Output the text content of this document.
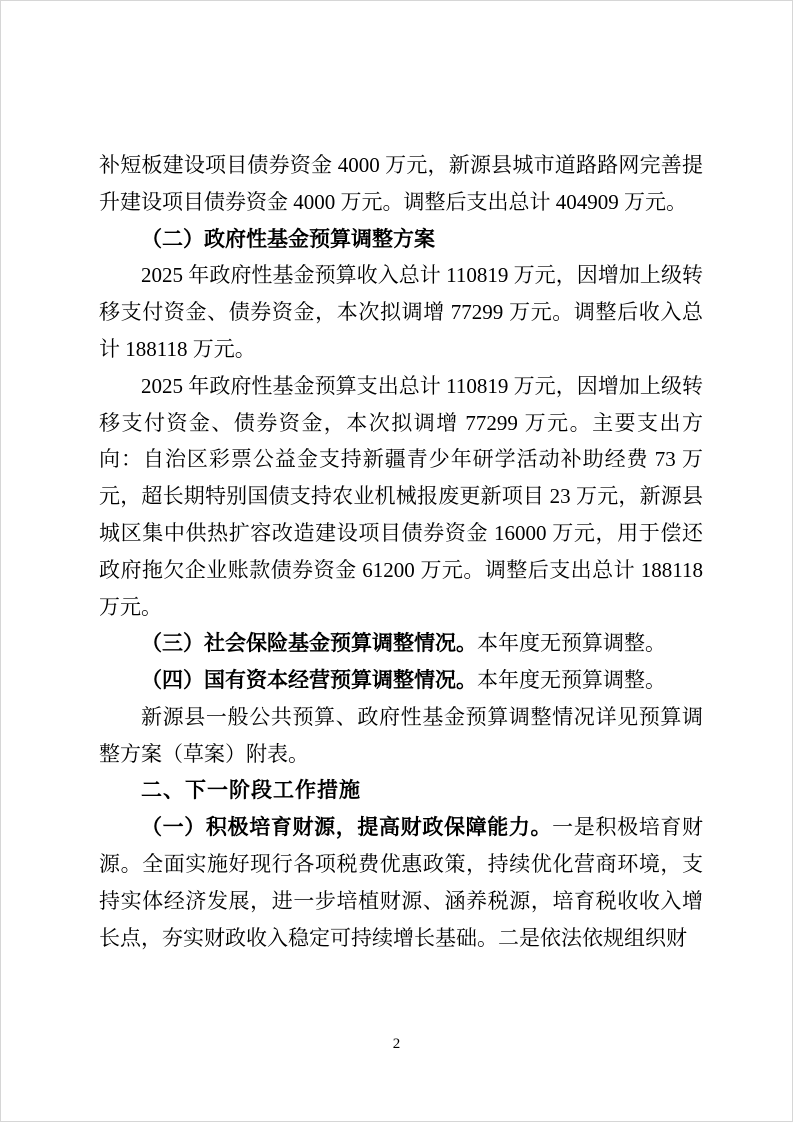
补短板建设项目债券资金 4000 万元，新源县城市道路路网完善提升建设项目债券资金 4000 万元。调整后支出总计 404909 万元。

（二）政府性基金预算调整方案

2025 年政府性基金预算收入总计 110819 万元，因增加上级转移支付资金、债券资金，本次拟调增 77299 万元。调整后收入总计 188118 万元。

2025 年政府性基金预算支出总计 110819 万元，因增加上级转移支付资金、债券资金，本次拟调增 77299 万元。主要支出方向：自治区彩票公益金支持新疆青少年研学活动补助经费 73 万元，超长期特别国债支持农业机械报废更新项目 23 万元，新源县城区集中供热扩容改造建设项目债券资金 16000 万元，用于偿还政府拖欠企业账款债券资金 61200 万元。调整后支出总计 188118 万元。

（三）社会保险基金预算调整情况。本年度无预算调整。

（四）国有资本经营预算调整情况。本年度无预算调整。

新源县一般公共预算、政府性基金预算调整情况详见预算调整方案（草案）附表。

二、下一阶段工作措施

（一）积极培育财源，提高财政保障能力。一是积极培育财源。全面实施好现行各项税费优惠政策，持续优化营商环境，支持实体经济发展，进一步培植财源、涵养税源，培育税收收入增长点，夯实财政收入稳定可持续增长基础。二是依法依规组织财

2
